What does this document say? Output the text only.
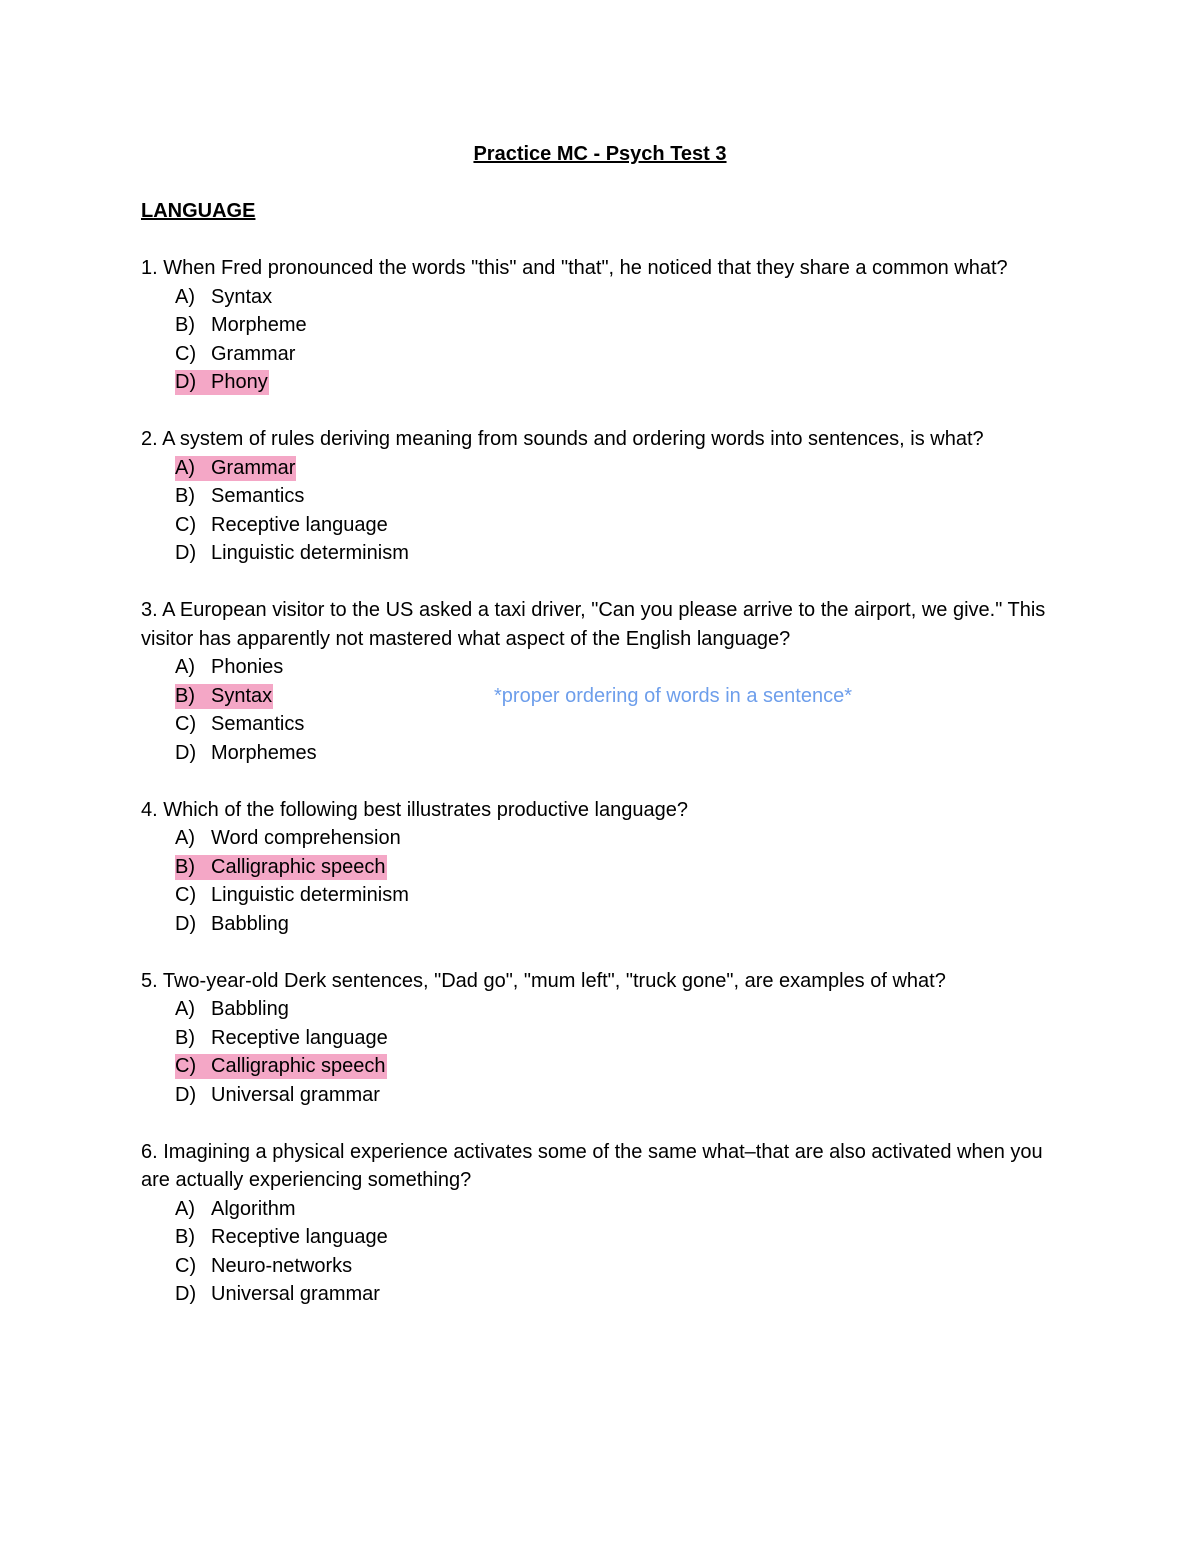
Practice MC - Psych Test 3
LANGUAGE
1. When Fred pronounced the words "this" and "that", he noticed that they share a common what?
A) Syntax
B) Morpheme
C) Grammar
D) Phony
2. A system of rules deriving meaning from sounds and ordering words into sentences, is what?
A) Grammar
B) Semantics
C) Receptive language
D) Linguistic determinism
3. A European visitor to the US asked a taxi driver, "Can you please arrive to the airport, we give." This visitor has apparently not mastered what aspect of the English language?
A) Phonies
B) Syntax	*proper ordering of words in a sentence*
C) Semantics
D) Morphemes
4. Which of the following best illustrates productive language?
A) Word comprehension
B) Calligraphic speech
C) Linguistic determinism
D) Babbling
5. Two-year-old Derk sentences, "Dad go", "mum left", "truck gone", are examples of what?
A) Babbling
B) Receptive language
C) Calligraphic speech
D) Universal grammar
6. Imagining a physical experience activates some of the same what–that are also activated when you are actually experiencing something?
A) Algorithm
B) Receptive language
C) Neuro-networks
D) Universal grammar
